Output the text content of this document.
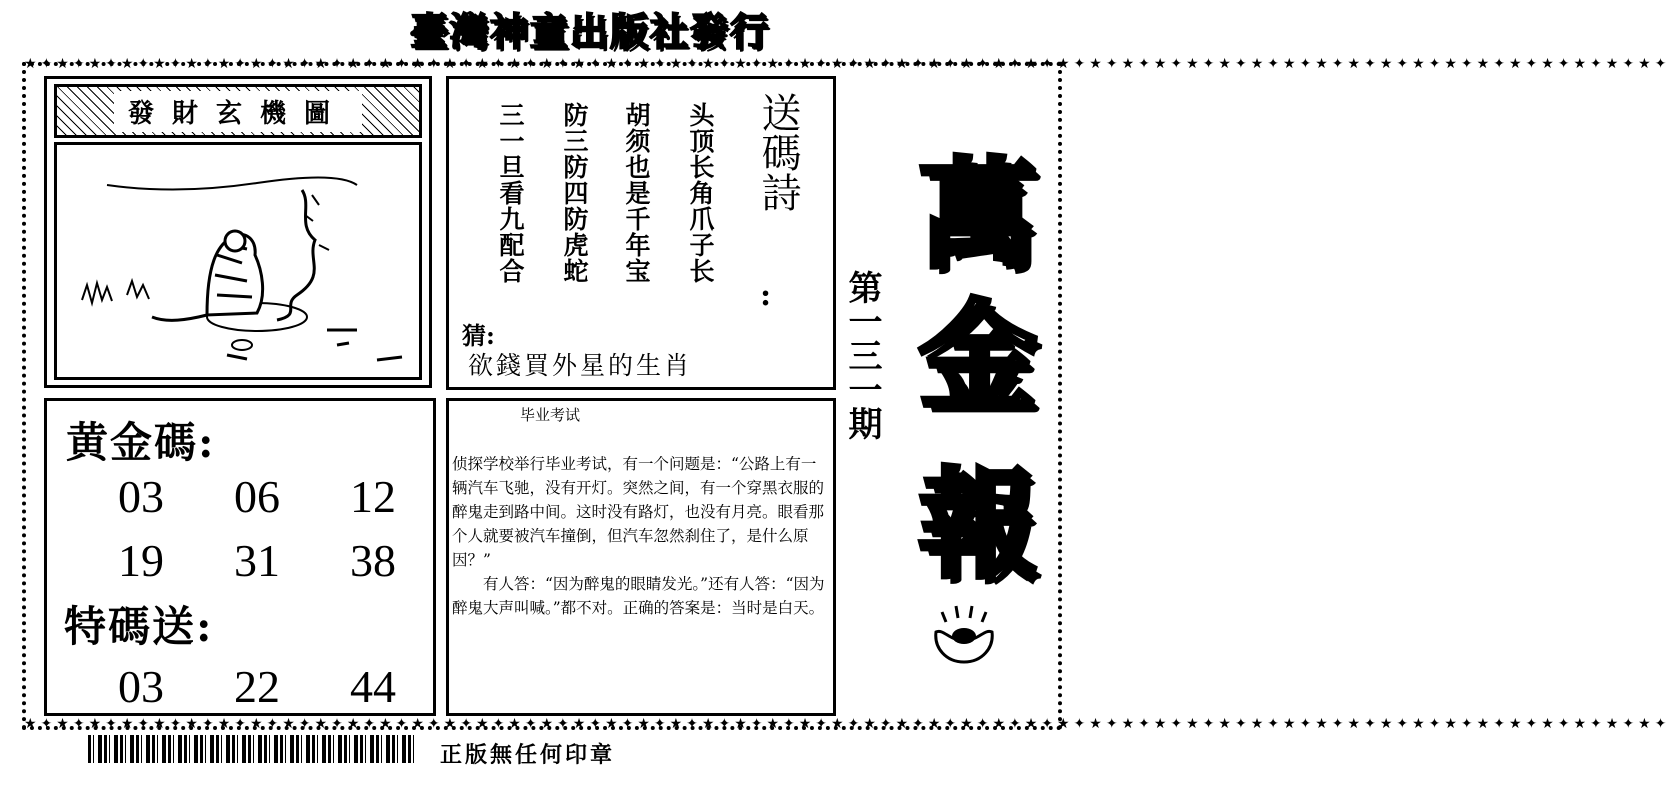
臺灣神童出版社發行
★✦★✦★✦★✦★✦★✦★✦★✦★✦★✦★✦★✦★✦★✦★✦★✦★✦★✦★✦★✦★✦★✦★✦★✦★✦★✦★✦★✦★✦★✦★✦★✦★✦★✦★✦★✦★✦★✦★✦★✦★✦★✦★✦★✦★✦★✦★✦★✦★✦★✦★✦
★✦★✦★✦★✦★✦★✦★✦★✦★✦★✦★✦★✦★✦★✦★✦★✦★✦★✦★✦★✦★✦★✦★✦★✦★✦★✦★✦★✦★✦★✦★✦★✦★✦★✦★✦★✦★✦★✦★✦★✦★✦★✦★✦★✦★✦★✦★✦★✦★✦★✦★✦
發財玄機圖	送碼詩
:
头顶长角爪子长
胡须也是千年宝
防三防四防虎蛇
三一旦看九配合
猜:
欲錢買外星的生肖
黄金碼:
03	06	12
19	31	38
特碼送:
03	22	44
毕业考试

侦探学校举行毕业考试，有一个问题是：“公路上有一辆汽车飞驰，没有开灯。突然之间，有一个穿黑衣服的醉鬼走到路中间。这时没有路灯，也没有月亮。眼看那个人就要被汽车撞倒，但汽车忽然刹住了，是什么原因？”

　　有人答：“因为醉鬼的眼睛发光。”还有人答：“因为醉鬼大声叫喊。”都不对。正确的答案是：当时是白天。

萬
金
報
第一三一期
正版無任何印章
